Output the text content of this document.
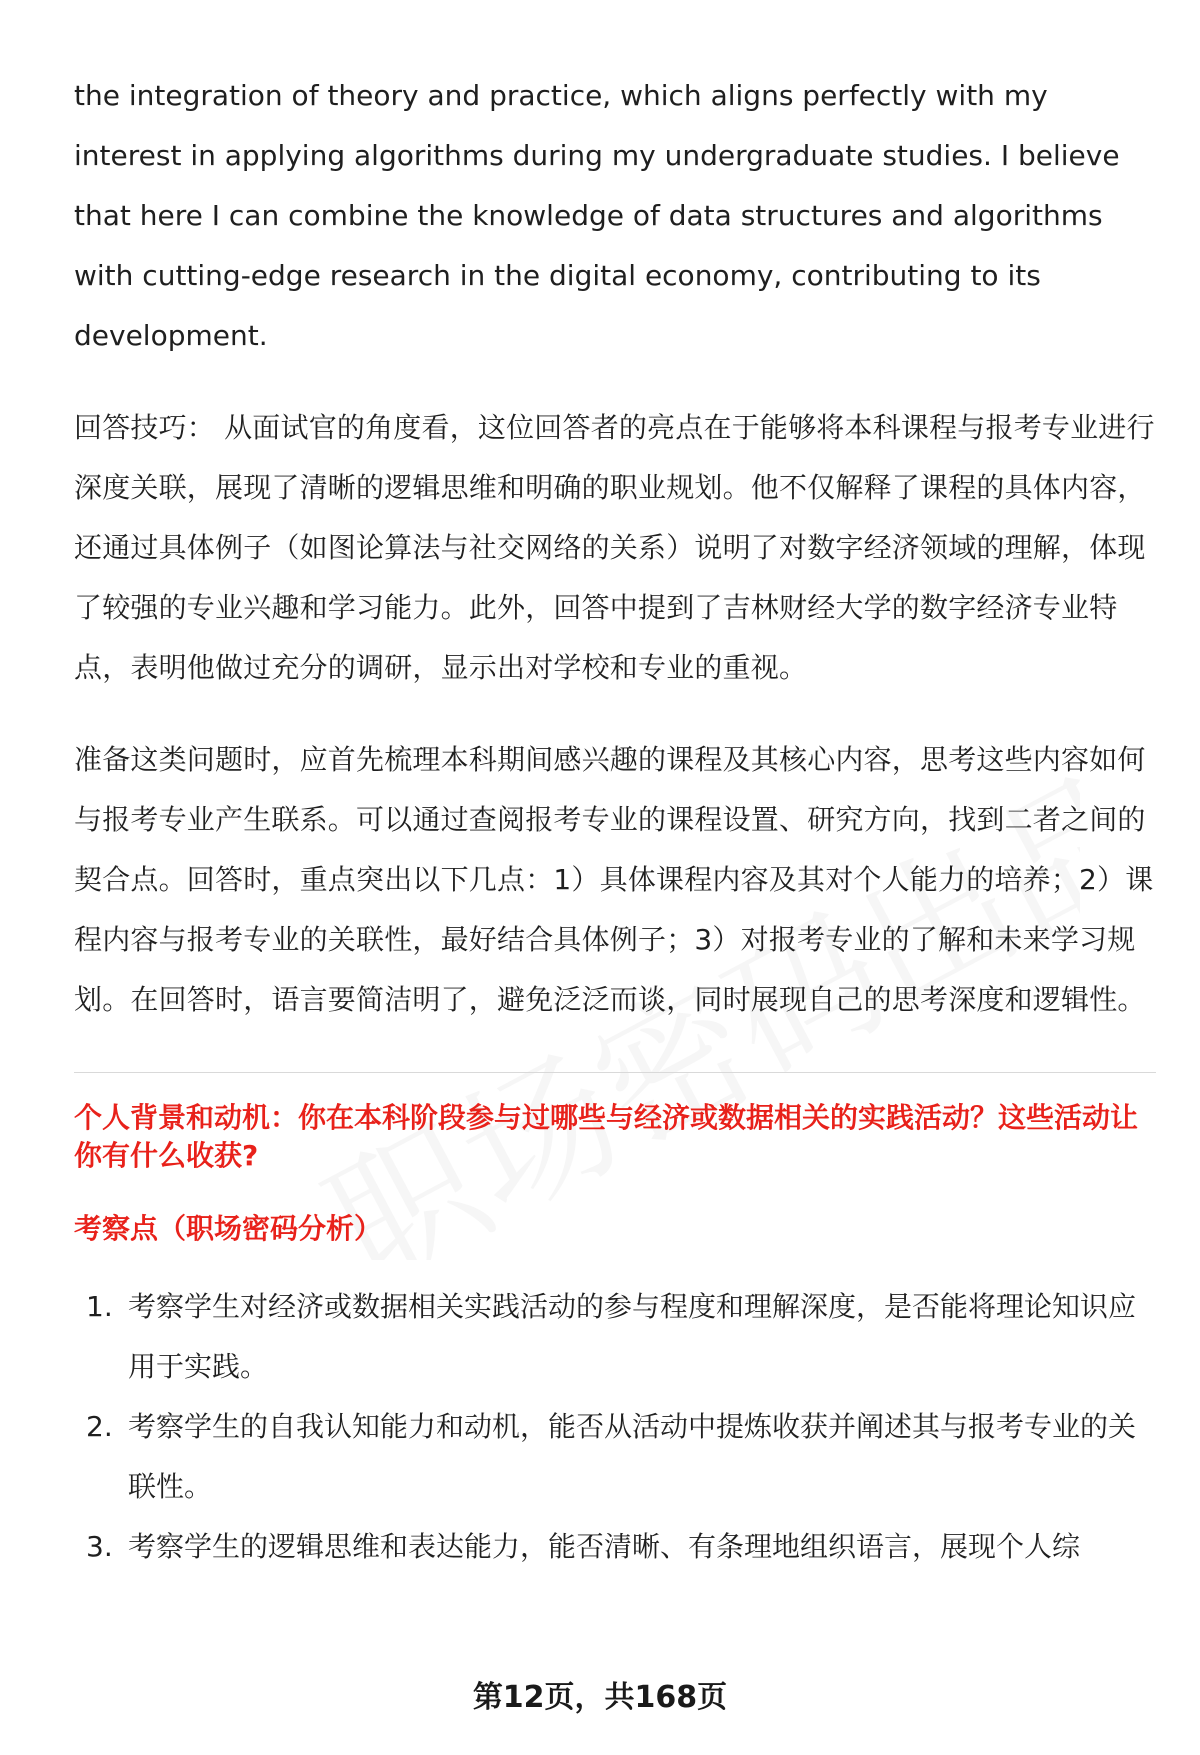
职场密码出品

the integration of theory and practice, which aligns perfectly with my interest in applying algorithms during my undergraduate studies. I believe that here I can combine the knowledge of data structures and algorithms with cutting-edge research in the digital economy, contributing to its development.

回答技巧： 从面试官的角度看，这位回答者的亮点在于能够将本科课程与报考专业进行深度关联，展现了清晰的逻辑思维和明确的职业规划。他不仅解释了课程的具体内容，还通过具体例子（如图论算法与社交网络的关系）说明了对数字经济领域的理解，体现了较强的专业兴趣和学习能力。此外，回答中提到了吉林财经大学的数字经济专业特点，表明他做过充分的调研，显示出对学校和专业的重视。

准备这类问题时，应首先梳理本科期间感兴趣的课程及其核心内容，思考这些内容如何与报考专业产生联系。可以通过查阅报考专业的课程设置、研究方向，找到二者之间的契合点。回答时，重点突出以下几点：1）具体课程内容及其对个人能力的培养；2）课程内容与报考专业的关联性，最好结合具体例子；3）对报考专业的了解和未来学习规划。在回答时，语言要简洁明了，避免泛泛而谈，同时展现自己的思考深度和逻辑性。

个人背景和动机：你在本科阶段参与过哪些与经济或数据相关的实践活动？这些活动让你有什么收获?

考察点（职场密码分析）

1. 考察学生对经济或数据相关实践活动的参与程度和理解深度，是否能将理论知识应用于实践。
2. 考察学生的自我认知能力和动机，能否从活动中提炼收获并阐述其与报考专业的关联性。
3. 考察学生的逻辑思维和表达能力，能否清晰、有条理地组织语言，展现个人综
第12页，共168页
